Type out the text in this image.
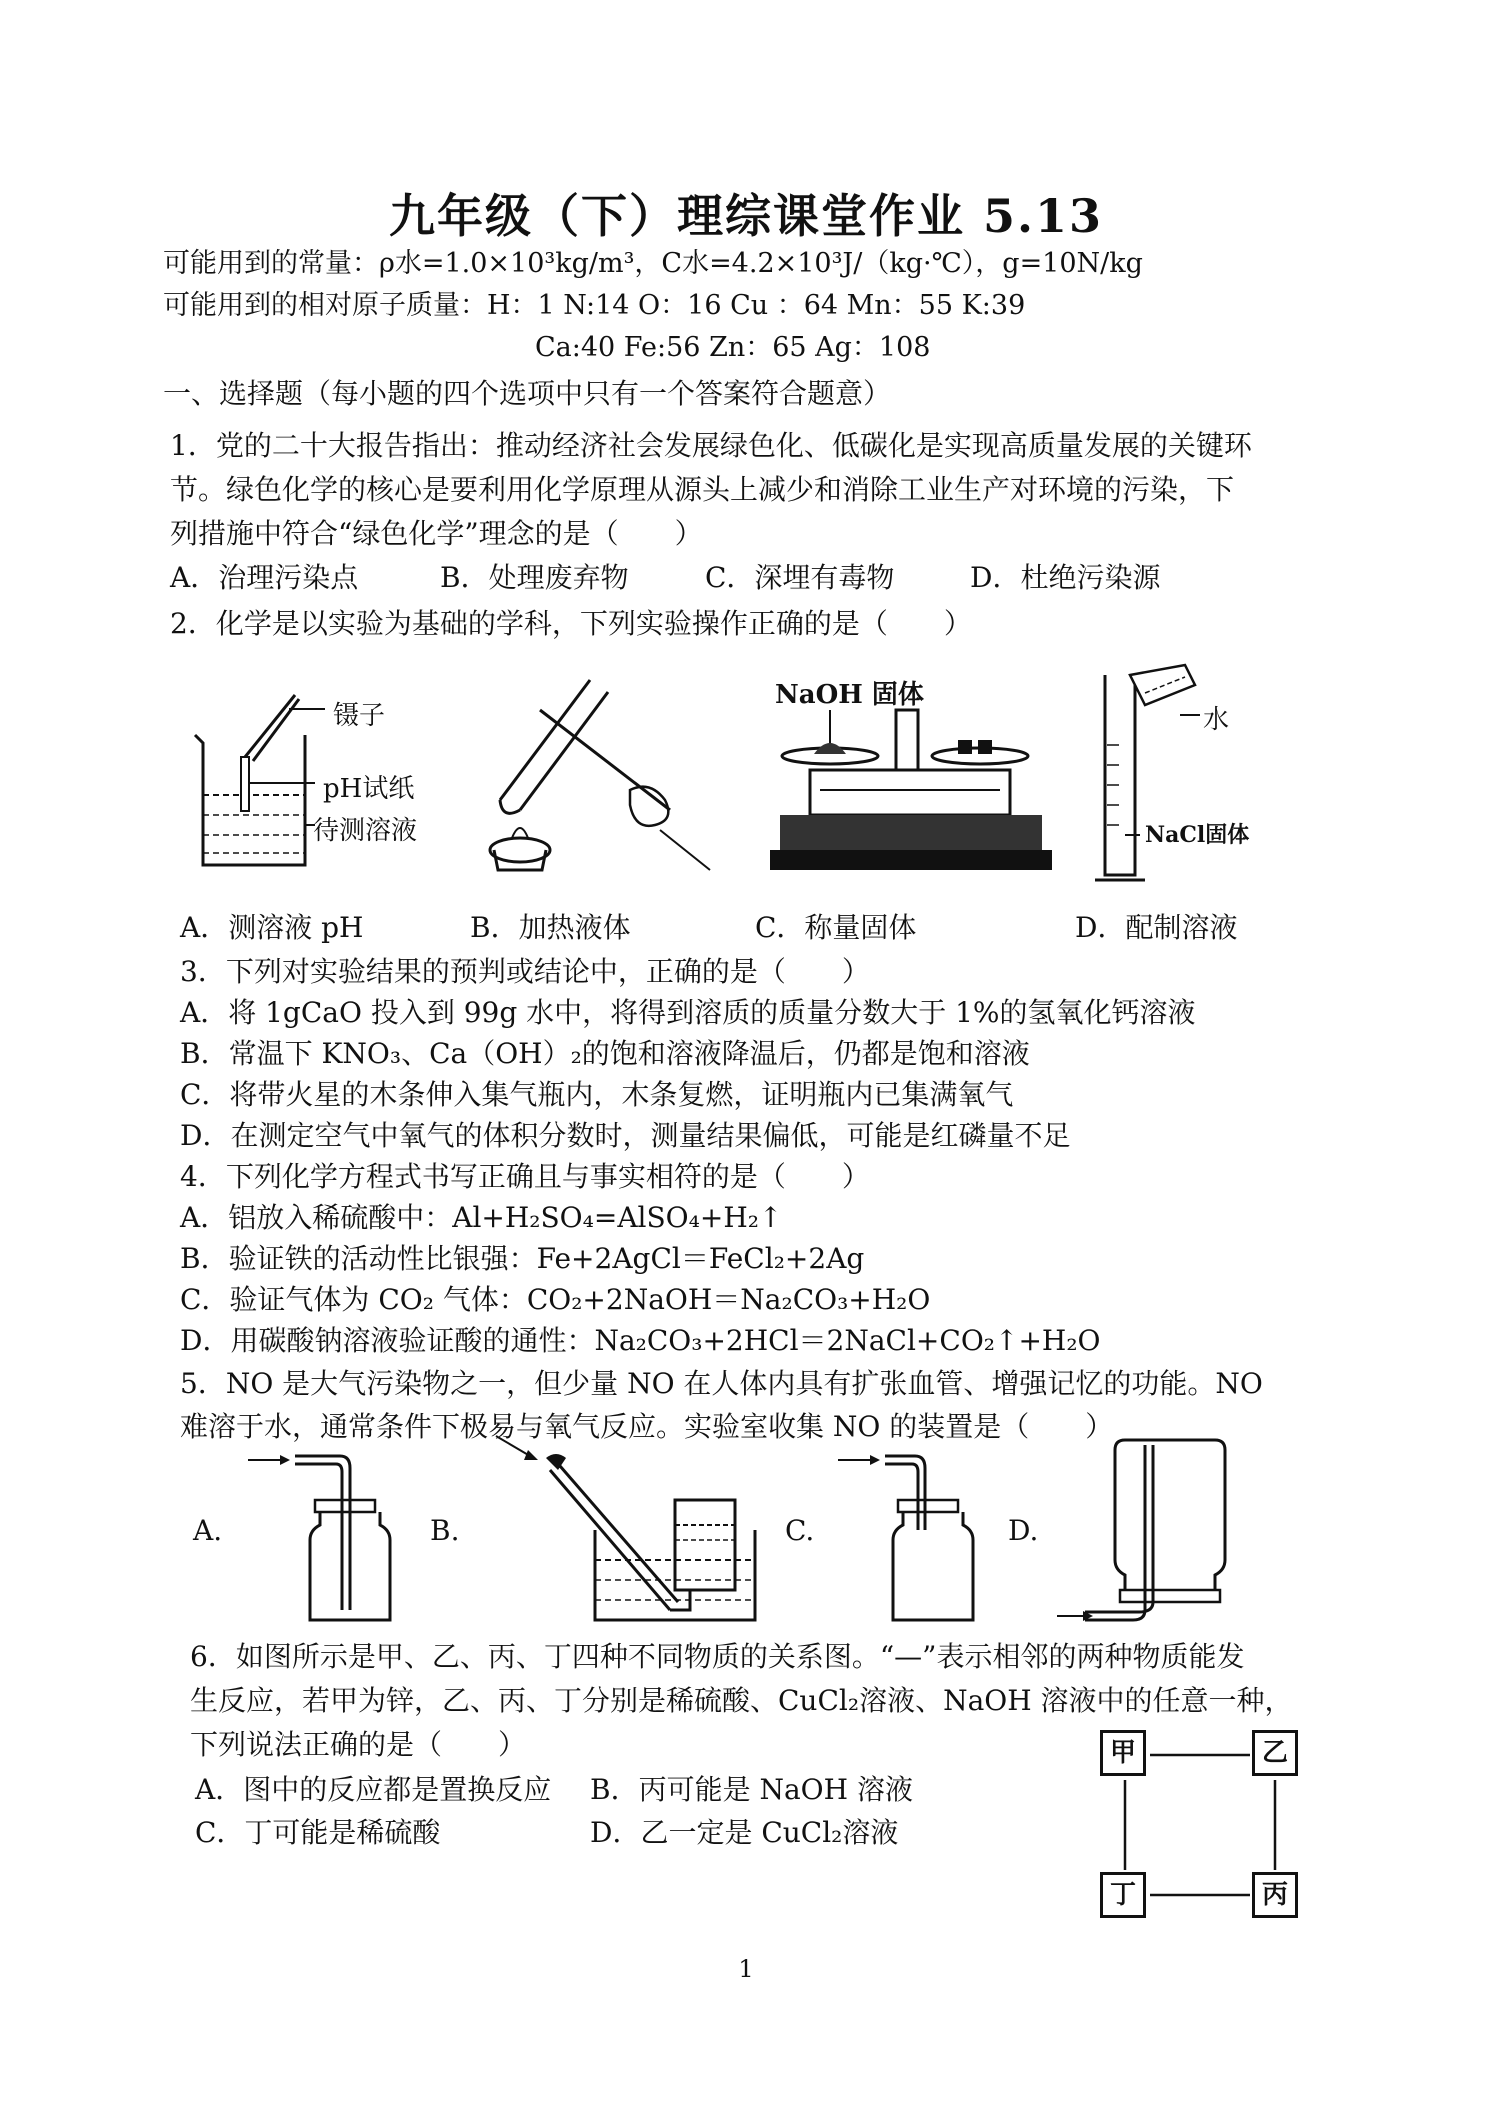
九年级（下）理综课堂作业 5.13
可能用到的常量：ρ水=1.0×10³kg/m³，C水=4.2×10³J/（kg·℃），g=10N/kg
可能用到的相对原子质量：H：1 N:14 O：16 Cu ：64 Mn：55 K:39
Ca:40 Fe:56 Zn：65 Ag：108
一、选择题（每小题的四个选项中只有一个答案符合题意）
1．党的二十大报告指出：推动经济社会发展绿色化、低碳化是实现高质量发展的关键环
节。绿色化学的核心是要利用化学原理从源头上减少和消除工业生产对环境的污染，下
列措施中符合“绿色化学”理念的是（　　）
A．治理污染点	B．处理废弃物	C．深埋有毒物	D．杜绝污染源
2．化学是以实验为基础的学科，下列实验操作正确的是（　　）
镊子
pH试纸
待测溶液
NaOH 固体
水
NaCl固体
A．测溶液 pH	B．加热液体	C．称量固体	D．配制溶液
3．下列对实验结果的预判或结论中，正确的是（　　）
A．将 1gCaO 投入到 99g 水中，将得到溶质的质量分数大于 1%的氢氧化钙溶液
B．常温下 KNO₃、Ca（OH）₂的饱和溶液降温后，仍都是饱和溶液
C．将带火星的木条伸入集气瓶内，木条复燃，证明瓶内已集满氧气
D．在测定空气中氧气的体积分数时，测量结果偏低，可能是红磷量不足
4．下列化学方程式书写正确且与事实相符的是（　　）
A．铝放入稀硫酸中：Al+H₂SO₄=AlSO₄+H₂↑
B．验证铁的活动性比银强：Fe+2AgCl＝FeCl₂+2Ag
C．验证气体为 CO₂ 气体：CO₂+2NaOH＝Na₂CO₃+H₂O
D．用碳酸钠溶液验证酸的通性：Na₂CO₃+2HCl＝2NaCl+CO₂↑+H₂O
5．NO 是大气污染物之一，但少量 NO 在人体内具有扩张血管、增强记忆的功能。NO
难溶于水，通常条件下极易与氧气反应。实验室收集 NO 的装置是（　　）
A.	B.	C.	D.
6．如图所示是甲、乙、丙、丁四种不同物质的关系图。“—”表示相邻的两种物质能发
生反应，若甲为锌，乙、丙、丁分别是稀硫酸、CuCl₂溶液、NaOH 溶液中的任意一种，
下列说法正确的是（　　）
A．图中的反应都是置换反应 B．丙可能是 NaOH 溶液
C．丁可能是稀硫酸	D．乙一定是 CuCl₂溶液
甲	乙
丙
丁
1
